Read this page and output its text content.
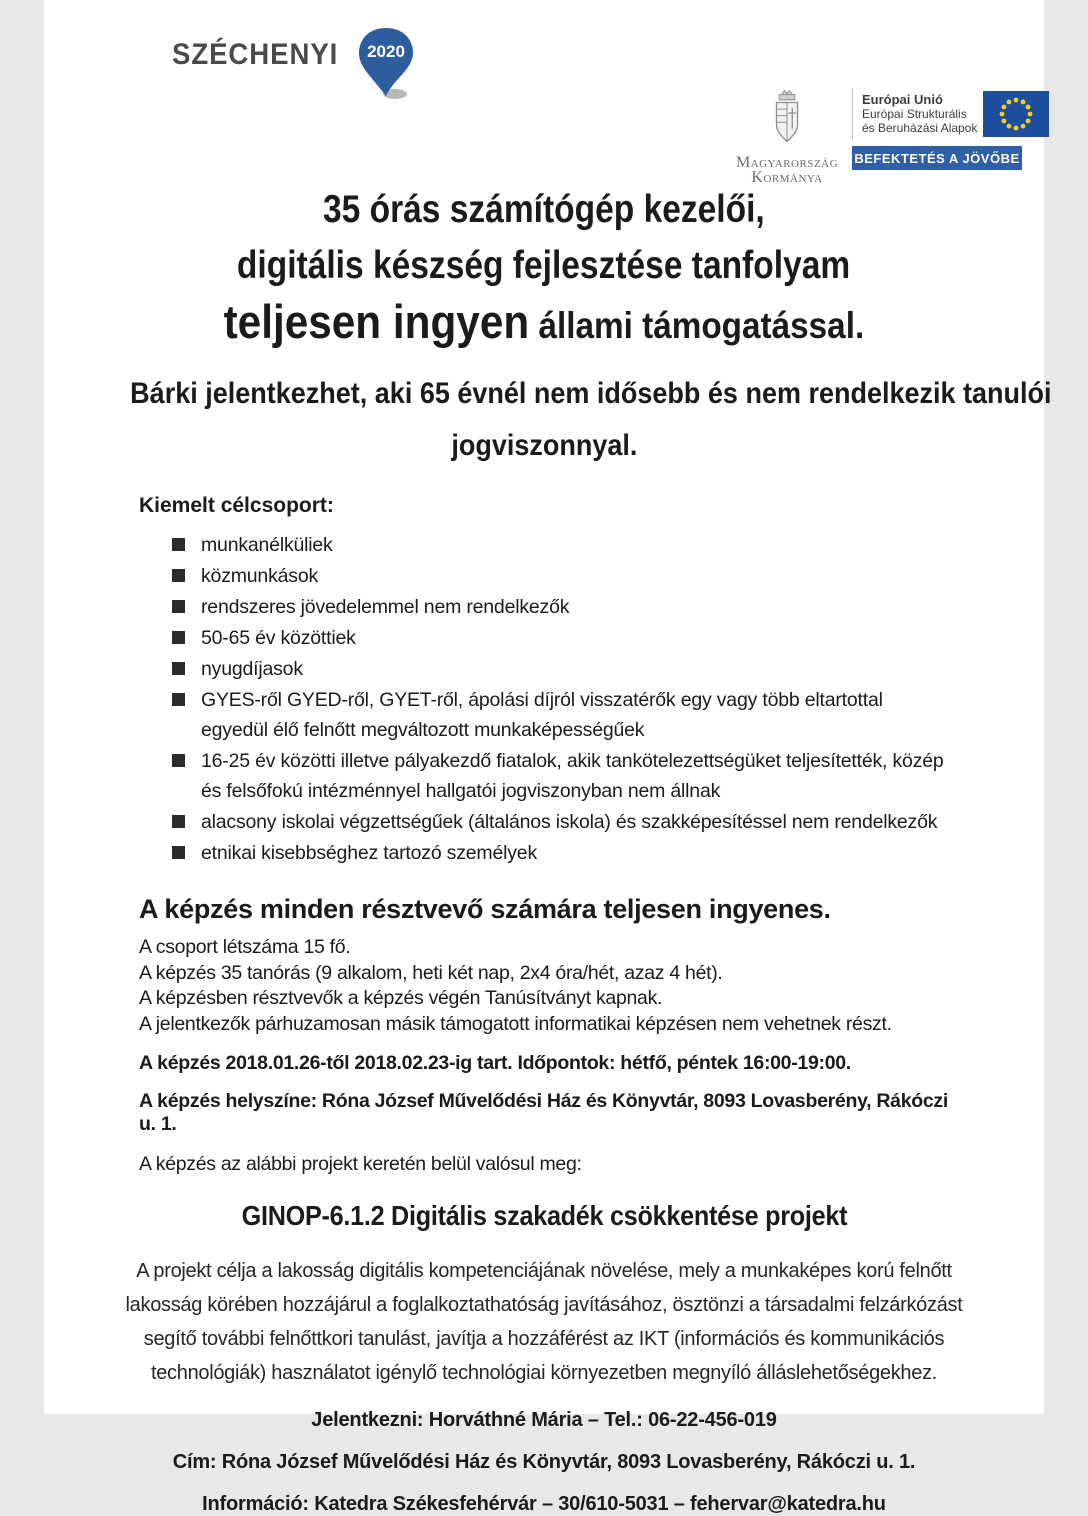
SZÉCHENYI 2020
Magyarország
Kormánya
Európai Unió
Európai Strukturális
és Beruházási Alapok
BEFEKTETÉS A JÖVŐBE
35 órás számítógép kezelői,
digitális készség fejlesztése tanfolyam
teljesen ingyen állami támogatással.
Bárki jelentkezhet, aki 65 évnél nem idősebb és nem rendelkezik tanulói
jogviszonnyal.
Kiemelt célcsoport:
munkanélküliek
közmunkások
rendszeres jövedelemmel nem rendelkezők
50-65 év közöttiek
nyugdíjasok
GYES-ről GYED-ről, GYET-ről, ápolási díjról visszatérők egy vagy több eltartottal egyedül élő felnőtt megváltozott munkaképességűek
16-25 év közötti illetve pályakezdő fiatalok, akik tankötelezettségüket teljesítették, közép és felsőfokú intézménnyel hallgatói jogviszonyban nem állnak
alacsony iskolai végzettségűek (általános iskola) és szakképesítéssel nem rendelkezők
etnikai kisebbséghez tartozó személyek
A képzés minden résztvevő számára teljesen ingyenes.

A csoport létszáma 15 fő.

A képzés 35 tanórás (9 alkalom, heti két nap, 2x4 óra/hét, azaz 4 hét).

A képzésben résztvevők a képzés végén Tanúsítványt kapnak.

A jelentkezők párhuzamosan másik támogatott informatikai képzésen nem vehetnek részt.

A képzés 2018.01.26-től 2018.02.23-ig tart. Időpontok: hétfő, péntek 16:00-19:00.

A képzés helyszíne: Róna József Művelődési Ház és Könyvtár, 8093 Lovasberény, Rákóczi u. 1.

A képzés az alábbi projekt keretén belül valósul meg:

GINOP-6.1.2 Digitális szakadék csökkentése projekt
A projekt célja a lakosság digitális kompetenciájának növelése, mely a munkaképes korú felnőtt lakosság körében hozzájárul a foglalkoztathatóság javításához, ösztönzi a társadalmi felzárkózást segítő további felnőttkori tanulást, javítja a hozzáférést az IKT (információs és kommunikációs technológiák) használatot igénylő technológiai környezetben megnyíló álláslehetőségekhez.

Jelentkezni: Horváthné Mária – Tel.: 06-22-456-019

Cím: Róna József Művelődési Ház és Könyvtár, 8093 Lovasberény, Rákóczi u. 1.

Információ: Katedra Székesfehérvár – 30/610-5031 – fehervar@katedra.hu
